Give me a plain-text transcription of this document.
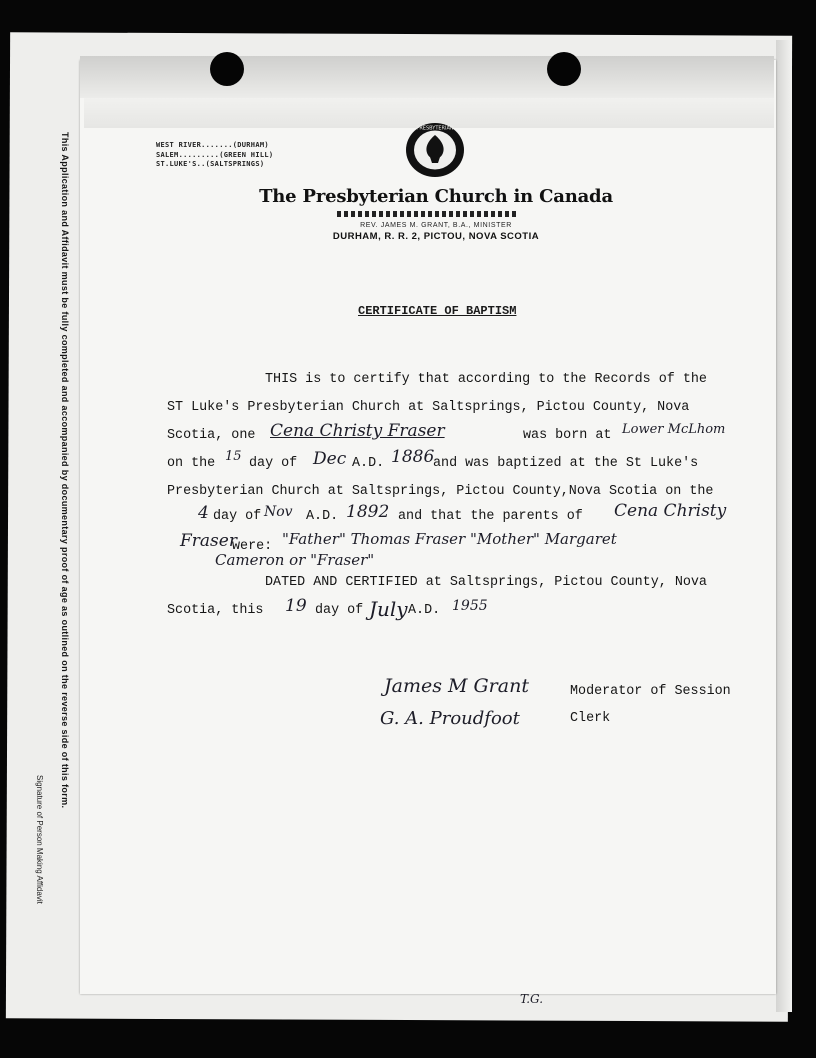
This Application and Affidavit must be fully completed and accompanied by documentary proof of age as outlined on the reverse side of this form.
Signature of Person Making Affidavit
WEST RIVER.......(DURHAM)
SALEM.........(GREEN HILL)
ST.LUKE'S..(SALTSPRINGS)
PRESBYTERIAN
The Presbyterian Church in Canada
REV. JAMES M. GRANT, B.A., MINISTER
DURHAM, R. R. 2, PICTOU, NOVA SCOTIA
CERTIFICATE OF BAPTISM
THIS is to certify that according to the Records of the
ST Luke's Presbyterian Church at Saltsprings, Pictou County, Nova
Scotia, one Cena Christy Fraser	was born at Lower McLhom
on the 15 day of Dec A.D. 1886
and was baptized at the St Luke's
Presbyterian Church at Saltsprings, Pictou County,Nova Scotia on the
4 day of Nov A.D. 1892 and that the parents of Cena Christy
Fraser
were: "Father" Thomas Fraser "Mother" Margaret
Cameron or "Fraser"
DATED AND CERTIFIED at Saltsprings, Pictou County, Nova
Scotia, this 19 day of July A.D. 1955
James M Grant	Moderator of Session
G. A. Proudfoot	Clerk
T.G.
